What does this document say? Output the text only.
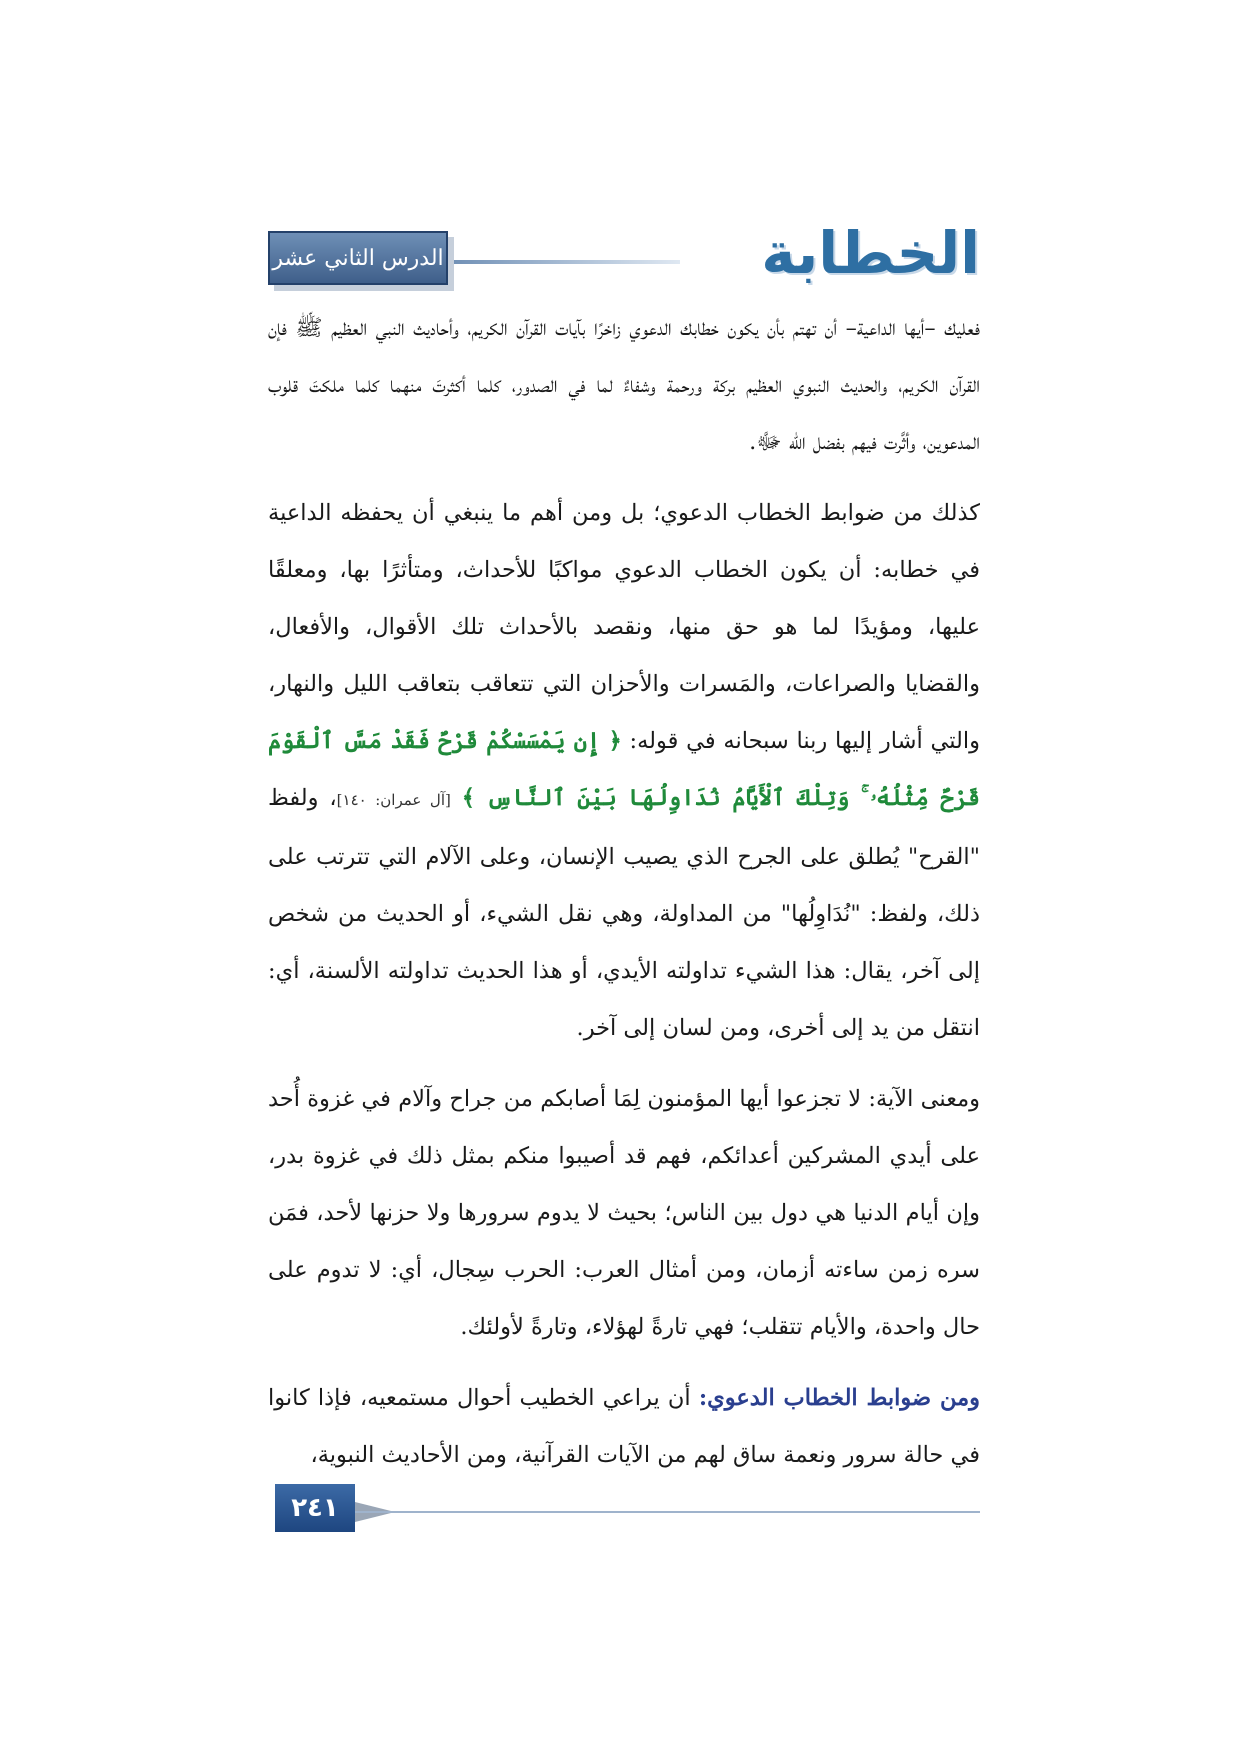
الخطابة
الدرس الثاني عشر

فعليك –أيها الداعية– أن تهتم بأن يكون خطابك الدعوي زاخرًا بآيات القرآن الكريم، وأحاديث النبي العظيم ﷺ فإن القرآن الكريم، والحديث النبوي العظيم بركة ورحمة وشفاءٌ لما في الصدور، كلما أكثرتَ منهما كلما ملكتَ قلوب المدعوين، وأثَّرت فيهم بفضل الله ﷻ.

كذلك من ضوابط الخطاب الدعوي؛ بل ومن أهم ما ينبغي أن يحفظه الداعية في خطابه: أن يكون الخطاب الدعوي مواكبًا للأحداث، ومتأثرًا بها، ومعلقًا عليها، ومؤيدًا لما هو حق منها، ونقصد بالأحداث تلك الأقوال، والأفعال، والقضايا والصراعات، والمَسرات والأحزان التي تتعاقب بتعاقب الليل والنهار، والتي أشار إليها ربنا سبحانه في قوله: ﴿ إِن يَمْسَسْكُمْ قَرْحٌ فَقَدْ مَسَّ ٱلْقَوْمَ قَرْحٌ مِّثْلُهُۥ ۚ وَتِلْكَ ٱلْأَيَّامُ نُدَاوِلُهَا بَيْنَ ٱلنَّاسِ ﴾ [آل عمران: ١٤٠]، ولفظ "القرح" يُطلق على الجرح الذي يصيب الإنسان، وعلى الآلام التي تترتب على ذلك، ولفظ: "نُدَاوِلُها" من المداولة، وهي نقل الشيء، أو الحديث من شخص إلى آخر، يقال: هذا الشيء تداولته الأيدي، أو هذا الحديث تداولته الألسنة، أي: انتقل من يد إلى أخرى، ومن لسان إلى آخر.

ومعنى الآية: لا تجزعوا أيها المؤمنون لِمَا أصابكم من جراح وآلام في غزوة أُحد على أيدي المشركين أعدائكم، فهم قد أصيبوا منكم بمثل ذلك في غزوة بدر، وإن أيام الدنيا هي دول بين الناس؛ بحيث لا يدوم سرورها ولا حزنها لأحد، فمَن سره زمن ساءته أزمان، ومن أمثال العرب: الحرب سِجال، أي: لا تدوم على حال واحدة، والأيام تتقلب؛ فهي تارةً لهؤلاء، وتارةً لأولئك.

ومن ضوابط الخطاب الدعوي: أن يراعي الخطيب أحوال مستمعيه، فإذا كانوا في حالة سرور ونعمة ساق لهم من الآيات القرآنية، ومن الأحاديث النبوية،

٢٤١
